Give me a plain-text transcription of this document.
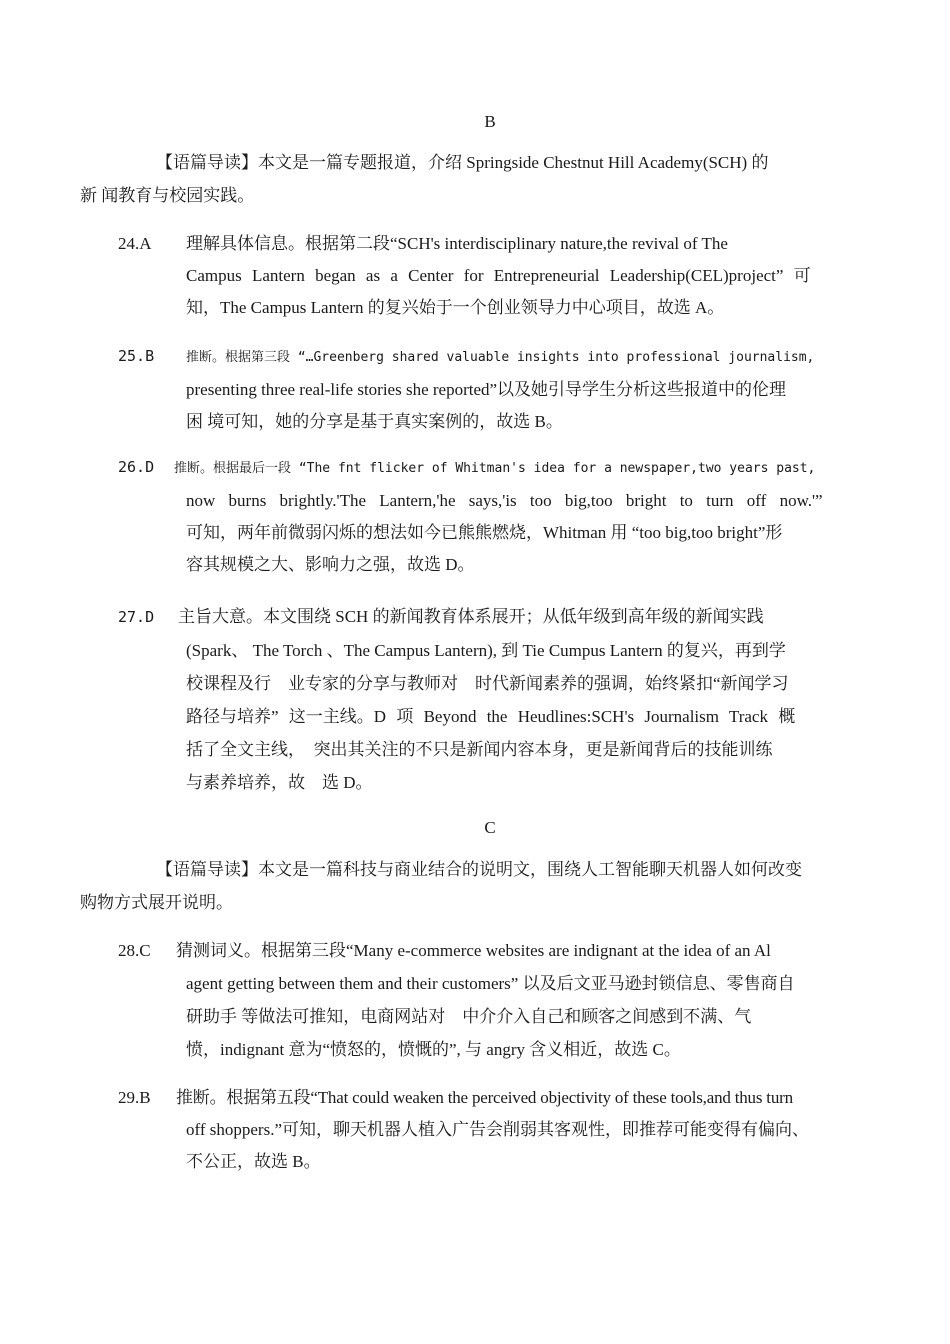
B
【语篇导读】本文是一篇专题报道，介绍 Springside Chestnut Hill Academy(SCH) 的
新 闻教育与校园实践。
24.A 理解具体信息。根据第二段“SCH's interdisciplinary nature,the revival of The
Campus Lantern began as a Center for Entrepreneurial Leadership(CEL)project” 可
知，The Campus Lantern 的复兴始于一个创业领导力中心项目，故选 A。
25.B 推断。根据第三段 “…Greenberg shared valuable insights into professional journalism,
presenting three real-life stories she reported”以及她引导学生分析这些报道中的伦理
困 境可知，她的分享是基于真实案例的，故选 B。
26.D 推断。根据最后一段 “The fnt flicker of Whitman's idea for a newspaper,two years past,
now burns brightly.'The Lantern,'he says,'is too big,too bright to turn off now.'”
可知，两年前微弱闪烁的想法如今已熊熊燃烧，Whitman 用 “too big,too bright”形
容其规模之大、影响力之强，故选 D。
27.D 主旨大意。本文围绕 SCH 的新闻教育体系展开；从低年级到高年级的新闻实践
(Spark、 The Torch 、The Campus Lantern), 到 Tie Cumpus Lantern 的复兴，再到学
校课程及行　业专家的分享与教师对　时代新闻素养的强调，始终紧扣“新闻学习
路径与培养” 这一主线。D 项 Beyond the Heudlines:SCH's Journalism Track 概
括了全文主线，　突出其关注的不只是新闻内容本身，更是新闻背后的技能训练
与素养培养，故　选 D。
C
【语篇导读】本文是一篇科技与商业结合的说明文，围绕人工智能聊天机器人如何改变
购物方式展开说明。
28.C 猜测词义。根据第三段“Many e-commerce websites are indignant at the idea of an Al
agent getting between them and their customers” 以及后文亚马逊封锁信息、零售商自
研助手 等做法可推知，电商网站对　中介介入自己和顾客之间感到不满、气
愤，indignant 意为“愤怒的，愤慨的”, 与 angry 含义相近，故选 C。
29.B 推断。根据第五段“That could weaken the perceived objectivity of these tools,and thus turn
off shoppers.”可知，聊天机器人植入广告会削弱其客观性，即推荐可能变得有偏向、
不公正，故选 B。
